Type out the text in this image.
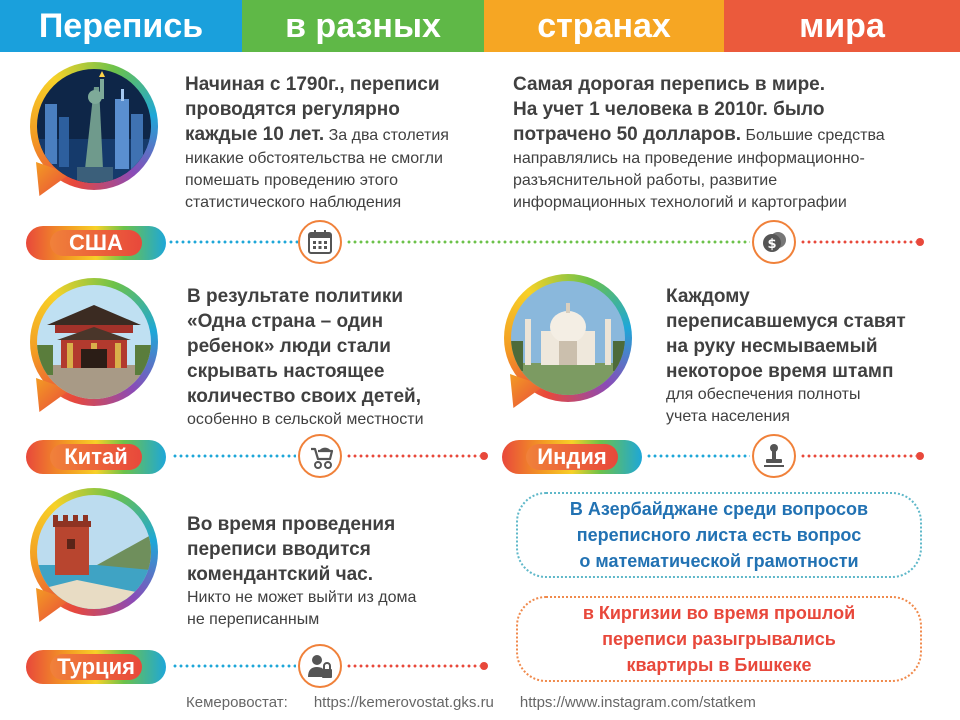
Перепись	в разных	странах	мира
Начиная с 1790г., переписи
проводятся регулярно
каждые 10 лет. За два столетия
никакие обстоятельства не смогли
помешать проведению этого
статистического наблюдения
Самая дорогая перепись в мире.
На учет 1 человека в 2010г. было
потрачено 50 долларов. Большие средства
направлялись на проведение информационно-
разъяснительной работы, развитие
информационных технологий и картографии
США	$
В результате политики
«Одна страна – один
ребенок» люди стали
скрывать настоящее
количество своих детей,
особенно в сельской местности
Китай
Каждому
переписавшемуся ставят
на руку несмываемый
некоторое время штамп
для обеспечения полноты
учета населения
Индия
Во время проведения
переписи вводится
комендантский час.
Никто не может выйти из дома
не переписанным
Турция
В Азербайджане среди вопросов
переписного листа есть вопрос
о математической грамотности
в Киргизии во время прошлой
переписи разыгрывались
квартиры в Бишкеке
Кемеровостат: https://kemerovostat.gks.ru https://www.instagram.com/statkem
